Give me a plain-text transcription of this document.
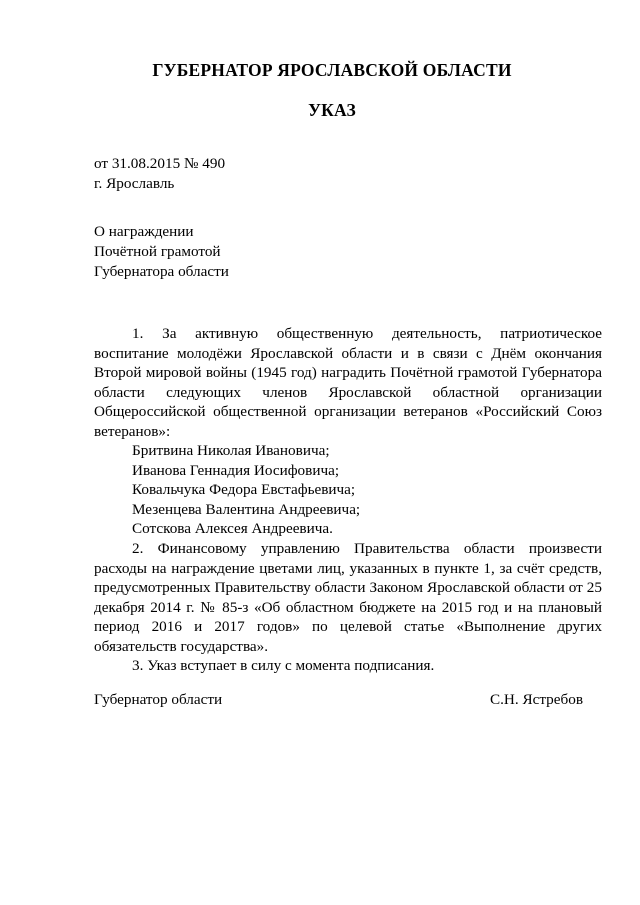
ГУБЕРНАТОР ЯРОСЛАВСКОЙ ОБЛАСТИ
УКАЗ
от 31.08.2015 № 490
г. Ярославль
О награждении
Почётной грамотой
Губернатора области

1. За активную общественную деятельность, патриотическое воспитание молодёжи Ярославской области и в связи с Днём окончания Второй мировой войны (1945 год) наградить Почётной грамотой Губернатора области следующих членов Ярославской областной организации Общероссийской общественной организации ветеранов «Российский Союз ветеранов»:

Бритвина Николая Ивановича;

Иванова Геннадия Иосифовича;

Ковальчука Федора Евстафьевича;

Мезенцева Валентина Андреевича;

Сотскова Алексея Андреевича.

2. Финансовому управлению Правительства области произвести расходы на награждение цветами лиц, указанных в пункте 1, за счёт средств, предусмотренных Правительству области Законом Ярославской области от 25 декабря 2014 г. № 85-з «Об областном бюджете на 2015 год и на плановый период 2016 и 2017 годов» по целевой статье «Выполнение других обязательств государства».

3. Указ вступает в силу с момента подписания.

Губернатор области	С.Н. Ястребов
